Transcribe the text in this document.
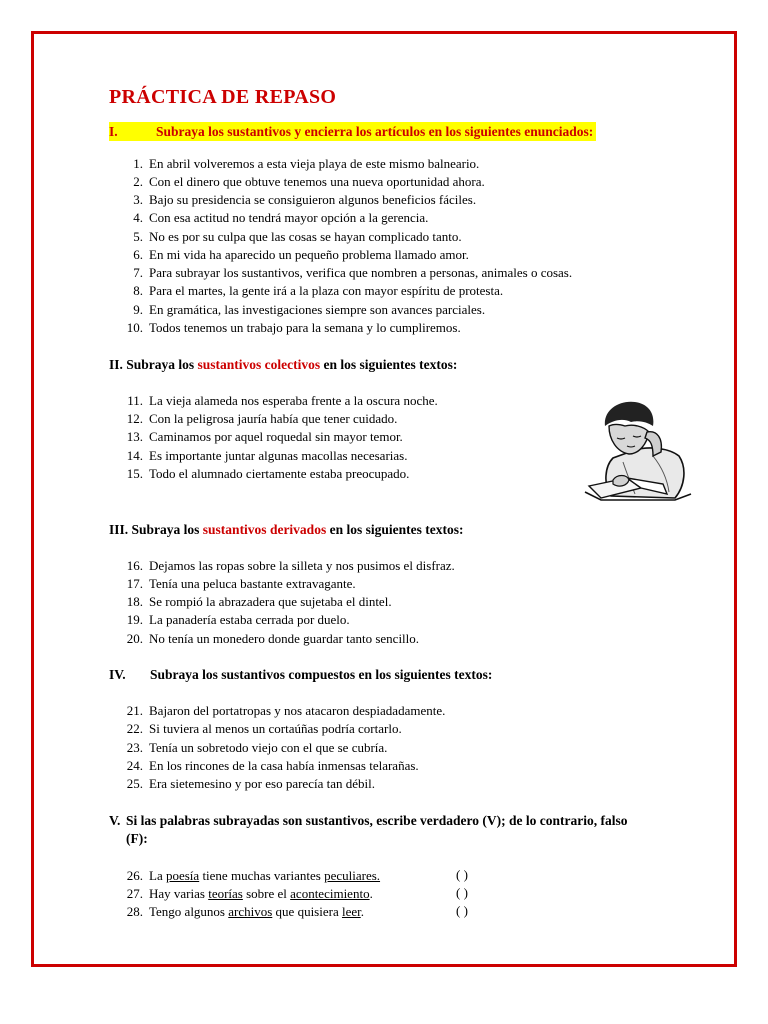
PRÁCTICA DE REPASO
I.	Subraya los sustantivos y encierra los artículos en los siguientes enunciados:
1. En abril volveremos a esta vieja playa de este mismo balneario.
2. Con el dinero que obtuve tenemos una nueva oportunidad ahora.
3. Bajo su presidencia se consiguieron algunos beneficios fáciles.
4. Con esa actitud no tendrá mayor opción a la gerencia.
5. No es por su culpa que las cosas se hayan complicado tanto.
6. En mi vida ha aparecido un pequeño problema llamado amor.
7. Para subrayar los sustantivos, verifica que nombren a personas, animales o cosas.
8. Para el martes, la gente irá a la plaza con mayor espíritu de protesta.
9. En gramática, las investigaciones siempre son avances parciales.
10. Todos tenemos un trabajo para la semana y lo cumpliremos.
II. Subraya los sustantivos colectivos en los siguientes textos:
11. La vieja alameda nos esperaba frente a la oscura noche.
12. Con la peligrosa jauría había que tener cuidado.
13. Caminamos por aquel roquedal sin mayor temor.
14. Es importante juntar algunas macollas necesarias.
15. Todo el alumnado ciertamente estaba preocupado.
III. Subraya los sustantivos derivados en los siguientes textos:
16. Dejamos las ropas sobre la silleta y nos pusimos el disfraz.
17. Tenía una peluca bastante extravagante.
18. Se rompió la abrazadera que sujetaba el dintel.
19. La panadería estaba cerrada por duelo.
20. No tenía un monedero donde guardar tanto sencillo.
IV. Subraya los sustantivos compuestos en los siguientes textos:
21. Bajaron del portatropas y nos atacaron despiadadamente.
22. Si tuviera al menos un cortaúñas podría cortarlo.
23. Tenía un sobretodo viejo con el que se cubría.
24. En los rincones de la casa había inmensas telarañas.
25. Era sietemesino y por eso parecía tan débil.
V. Si las palabras subrayadas son sustantivos, escribe verdadero (V); de lo contrario, falso
(F):
26. La poesía tiene muchas variantes peculiares.	( )
27. Hay varias teorías sobre el acontecimiento.	( )
28. Tengo algunos archivos que quisiera leer.	( )
